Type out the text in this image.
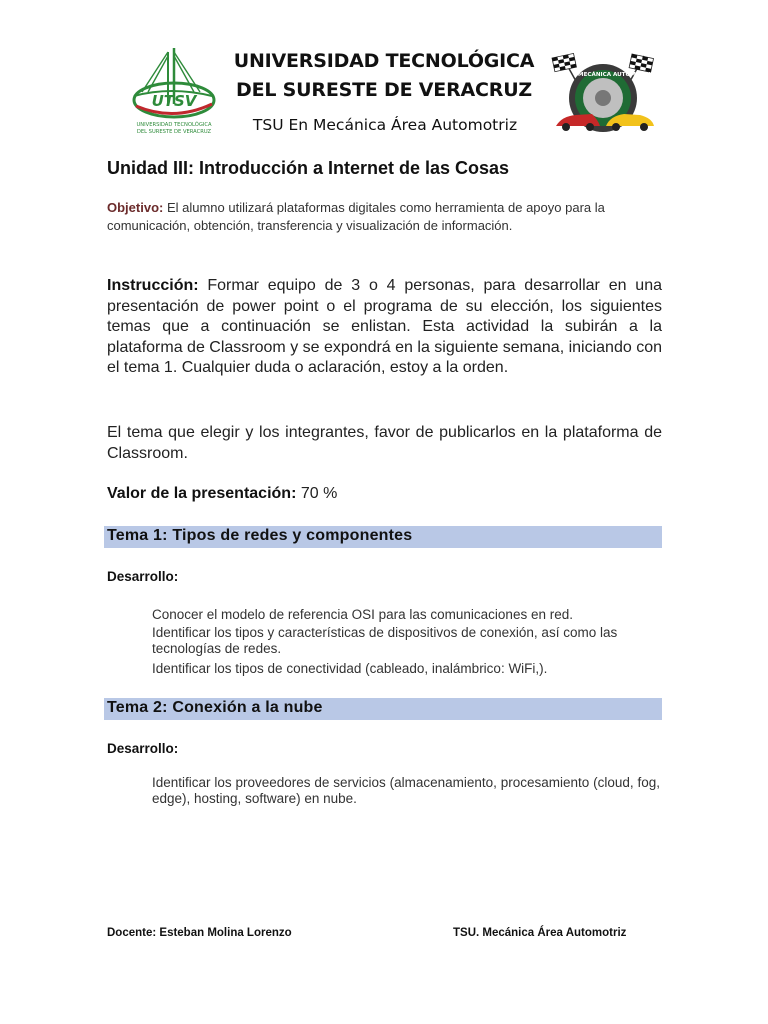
UTSV
UNIVERSIDAD TECNOLÓGICA
DEL SURESTE DE VERACRUZ
UNIVERSIDAD TECNOLÓGICA
DEL SURESTE DE VERACRUZ
TSU En Mecánica Área Automotriz
MECÁNICA AUTOMOTRIZ
Unidad III: Introducción a Internet de las Cosas
Objetivo: El alumno utilizará plataformas digitales como herramienta de apoyo para la comunicación, obtención, transferencia y visualización de información.
Instrucción: Formar equipo de 3 o 4 personas, para desarrollar en una presentación de power point o el programa de su elección, los siguientes temas que a continuación se enlistan. Esta actividad la subirán a la plataforma de Classroom y se expondrá en la siguiente semana, iniciando con el tema 1. Cualquier duda o aclaración, estoy a la orden.
El tema que elegir y los integrantes, favor de publicarlos en la plataforma de Classroom.
Valor de la presentación: 70 %
Tema 1: Tipos de redes y componentes
Desarrollo:
Conocer el modelo de referencia OSI para las comunicaciones en red.
Identificar los tipos y características de dispositivos de conexión, así como las tecnologías de redes.
Identificar los tipos de conectividad (cableado, inalámbrico: WiFi,).
Tema 2: Conexión a la nube
Desarrollo:
Identificar los proveedores de servicios (almacenamiento, procesamiento (cloud, fog, edge), hosting, software) en nube.
Docente: Esteban Molina Lorenzo	TSU. Mecánica Área Automotriz
